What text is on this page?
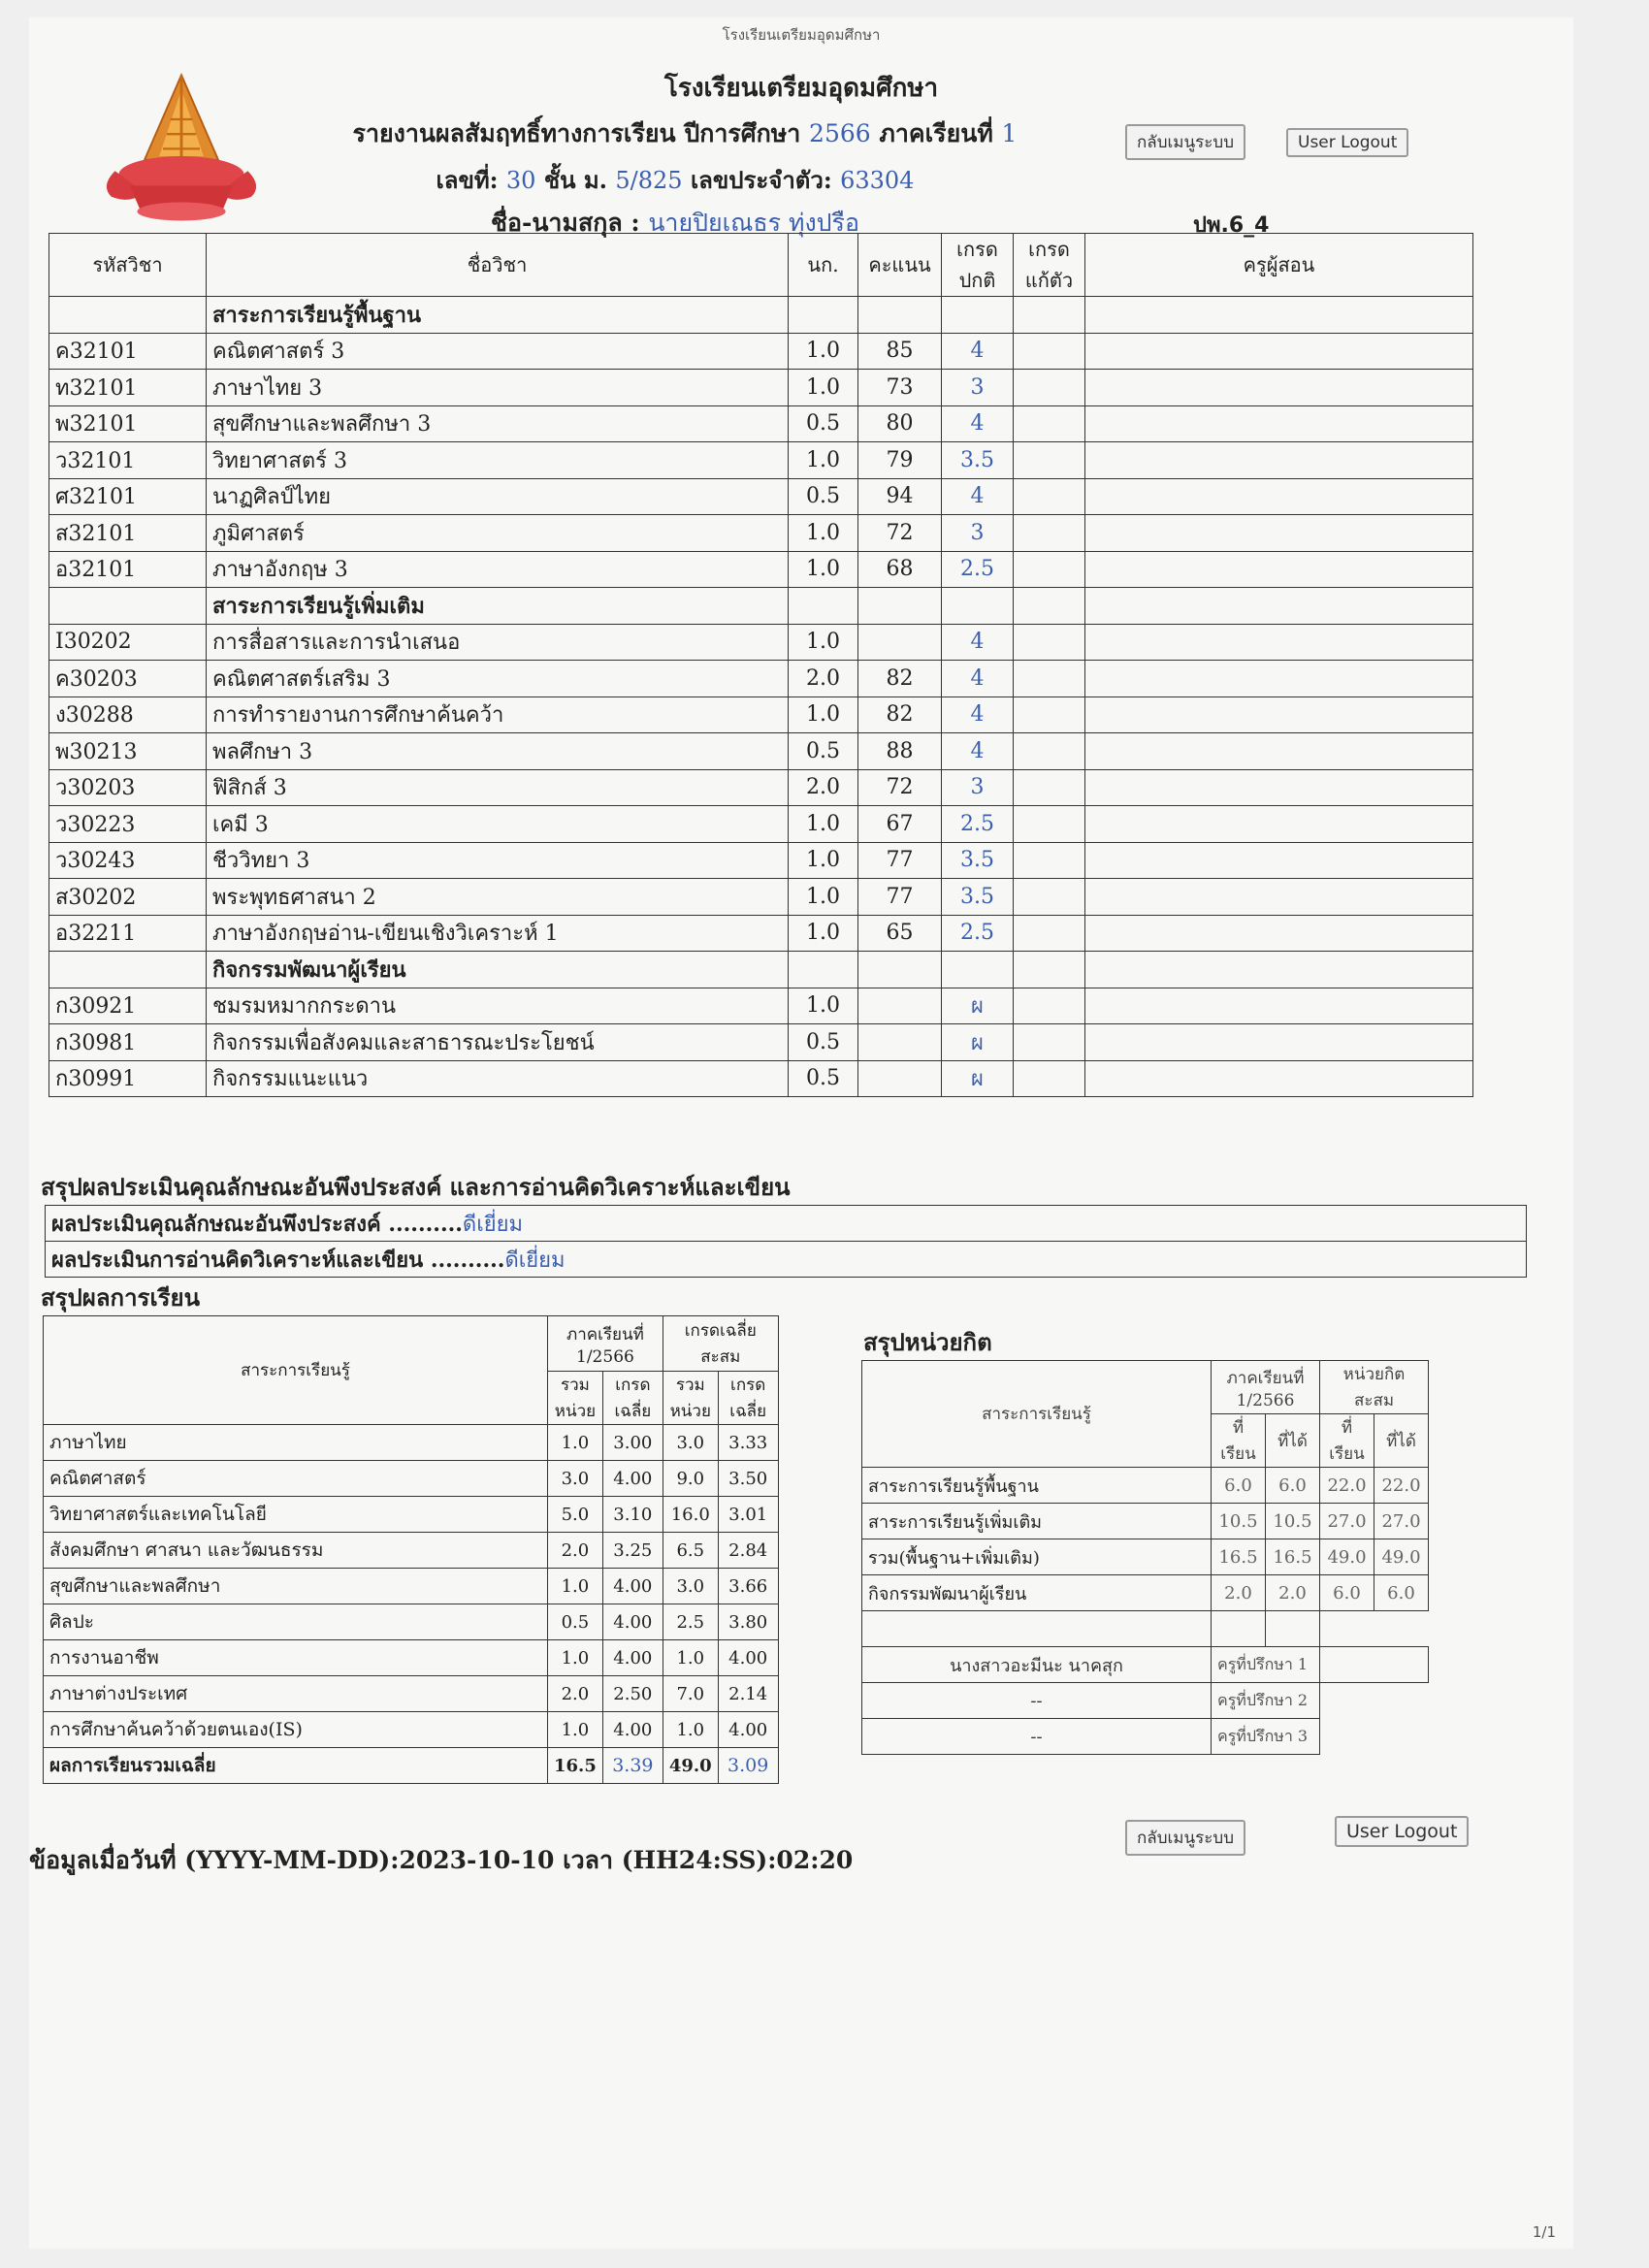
โรงเรียนเตรียมอุดมศึกษา
โรงเรียนเตรียมอุดมศึกษา
รายงานผลสัมฤทธิ์ทางการเรียน ปีการศึกษา 2566 ภาคเรียนที่ 1
เลขที่: 30 ชั้น ม. 5/825 เลขประจำตัว: 63304
ชื่อ-นามสกุล : นายปิยเณธร ทุ่งปรือ	ปพ.6_4
กลับเมนูระบบ	User Logout
รหัสวิชา	ชื่อวิชา	นก.	คะแนน	เกรด ปกติ	เกรด แก้ตัว	ครูผู้สอน
	สาระการเรียนรู้พื้นฐาน					
ค32101	คณิตศาสตร์ 3	1.0	85	4		
ท32101	ภาษาไทย 3	1.0	73	3		
พ32101	สุขศึกษาและพลศึกษา 3	0.5	80	4		
ว32101	วิทยาศาสตร์ 3	1.0	79	3.5		
ศ32101	นาฏศิลป์ไทย	0.5	94	4		
ส32101	ภูมิศาสตร์	1.0	72	3		
อ32101	ภาษาอังกฤษ 3	1.0	68	2.5		
	สาระการเรียนรู้เพิ่มเติม					
I30202	การสื่อสารและการนำเสนอ	1.0		4		
ค30203	คณิตศาสตร์เสริม 3	2.0	82	4		
ง30288	การทำรายงานการศึกษาค้นคว้า	1.0	82	4		
พ30213	พลศึกษา 3	0.5	88	4		
ว30203	ฟิสิกส์ 3	2.0	72	3		
ว30223	เคมี 3	1.0	67	2.5		
ว30243	ชีววิทยา 3	1.0	77	3.5		
ส30202	พระพุทธศาสนา 2	1.0	77	3.5		
อ32211	ภาษาอังกฤษอ่าน-เขียนเชิงวิเคราะห์ 1	1.0	65	2.5		
	กิจกรรมพัฒนาผู้เรียน					
ก30921	ชมรมหมากกระดาน	1.0		ผ		
ก30981	กิจกรรมเพื่อสังคมและสาธารณะประโยชน์	0.5		ผ		
ก30991	กิจกรรมแนะแนว	0.5		ผ		
สรุปผลประเมินคุณลักษณะอันพึงประสงค์ และการอ่านคิดวิเคราะห์และเขียน
ผลประเมินคุณลักษณะอันพึงประสงค์ ..........ดีเยี่ยม
ผลประเมินการอ่านคิดวิเคราะห์และเขียน ..........ดีเยี่ยม
สรุปผลการเรียน
สาระการเรียนรู้	ภาคเรียนที่ 1/2566		เกรดเฉลี่ยสะสม	
	รวม หน่วย	เกรด เฉลี่ย	รวม หน่วย	เกรด เฉลี่ย
ภาษาไทย	1.0	3.00	3.0	3.33
คณิตศาสตร์	3.0	4.00	9.0	3.50
วิทยาศาสตร์และเทคโนโลยี	5.0	3.10	16.0	3.01
สังคมศึกษา ศาสนา และวัฒนธรรม	2.0	3.25	6.5	2.84
สุขศึกษาและพลศึกษา	1.0	4.00	3.0	3.66
ศิลปะ	0.5	4.00	2.5	3.80
การงานอาชีพ	1.0	4.00	1.0	4.00
ภาษาต่างประเทศ	2.0	2.50	7.0	2.14
การศึกษาค้นคว้าด้วยตนเอง(IS)	1.0	4.00	1.0	4.00
ผลการเรียนรวมเฉลี่ย	16.5	3.39	49.0	3.09
สรุปหน่วยกิต
สาระการเรียนรู้	ภาคเรียนที่ 1/2566		หน่วยกิตสะสม	
	ที่เรียน	ที่ได้	ที่เรียน	ที่ได้
สาระการเรียนรู้พื้นฐาน	6.0	6.0	22.0	22.0
สาระการเรียนรู้เพิ่มเติม	10.5	10.5	27.0	27.0
รวม(พื้นฐาน+เพิ่มเติม)	16.5	16.5	49.0	49.0
กิจกรรมพัฒนาผู้เรียน	2.0	2.0	6.0	6.0

นางสาวอะมีนะ นาคสุก	ครูที่ปรึกษา 1			
--	ครูที่ปรึกษา 2			
--	ครูที่ปรึกษา 3			
ข้อมูลเมื่อวันที่ (YYYY-MM-DD):2023-10-10 เวลา (HH24:SS):02:20
กลับเมนูระบบ	User Logout
1/1
